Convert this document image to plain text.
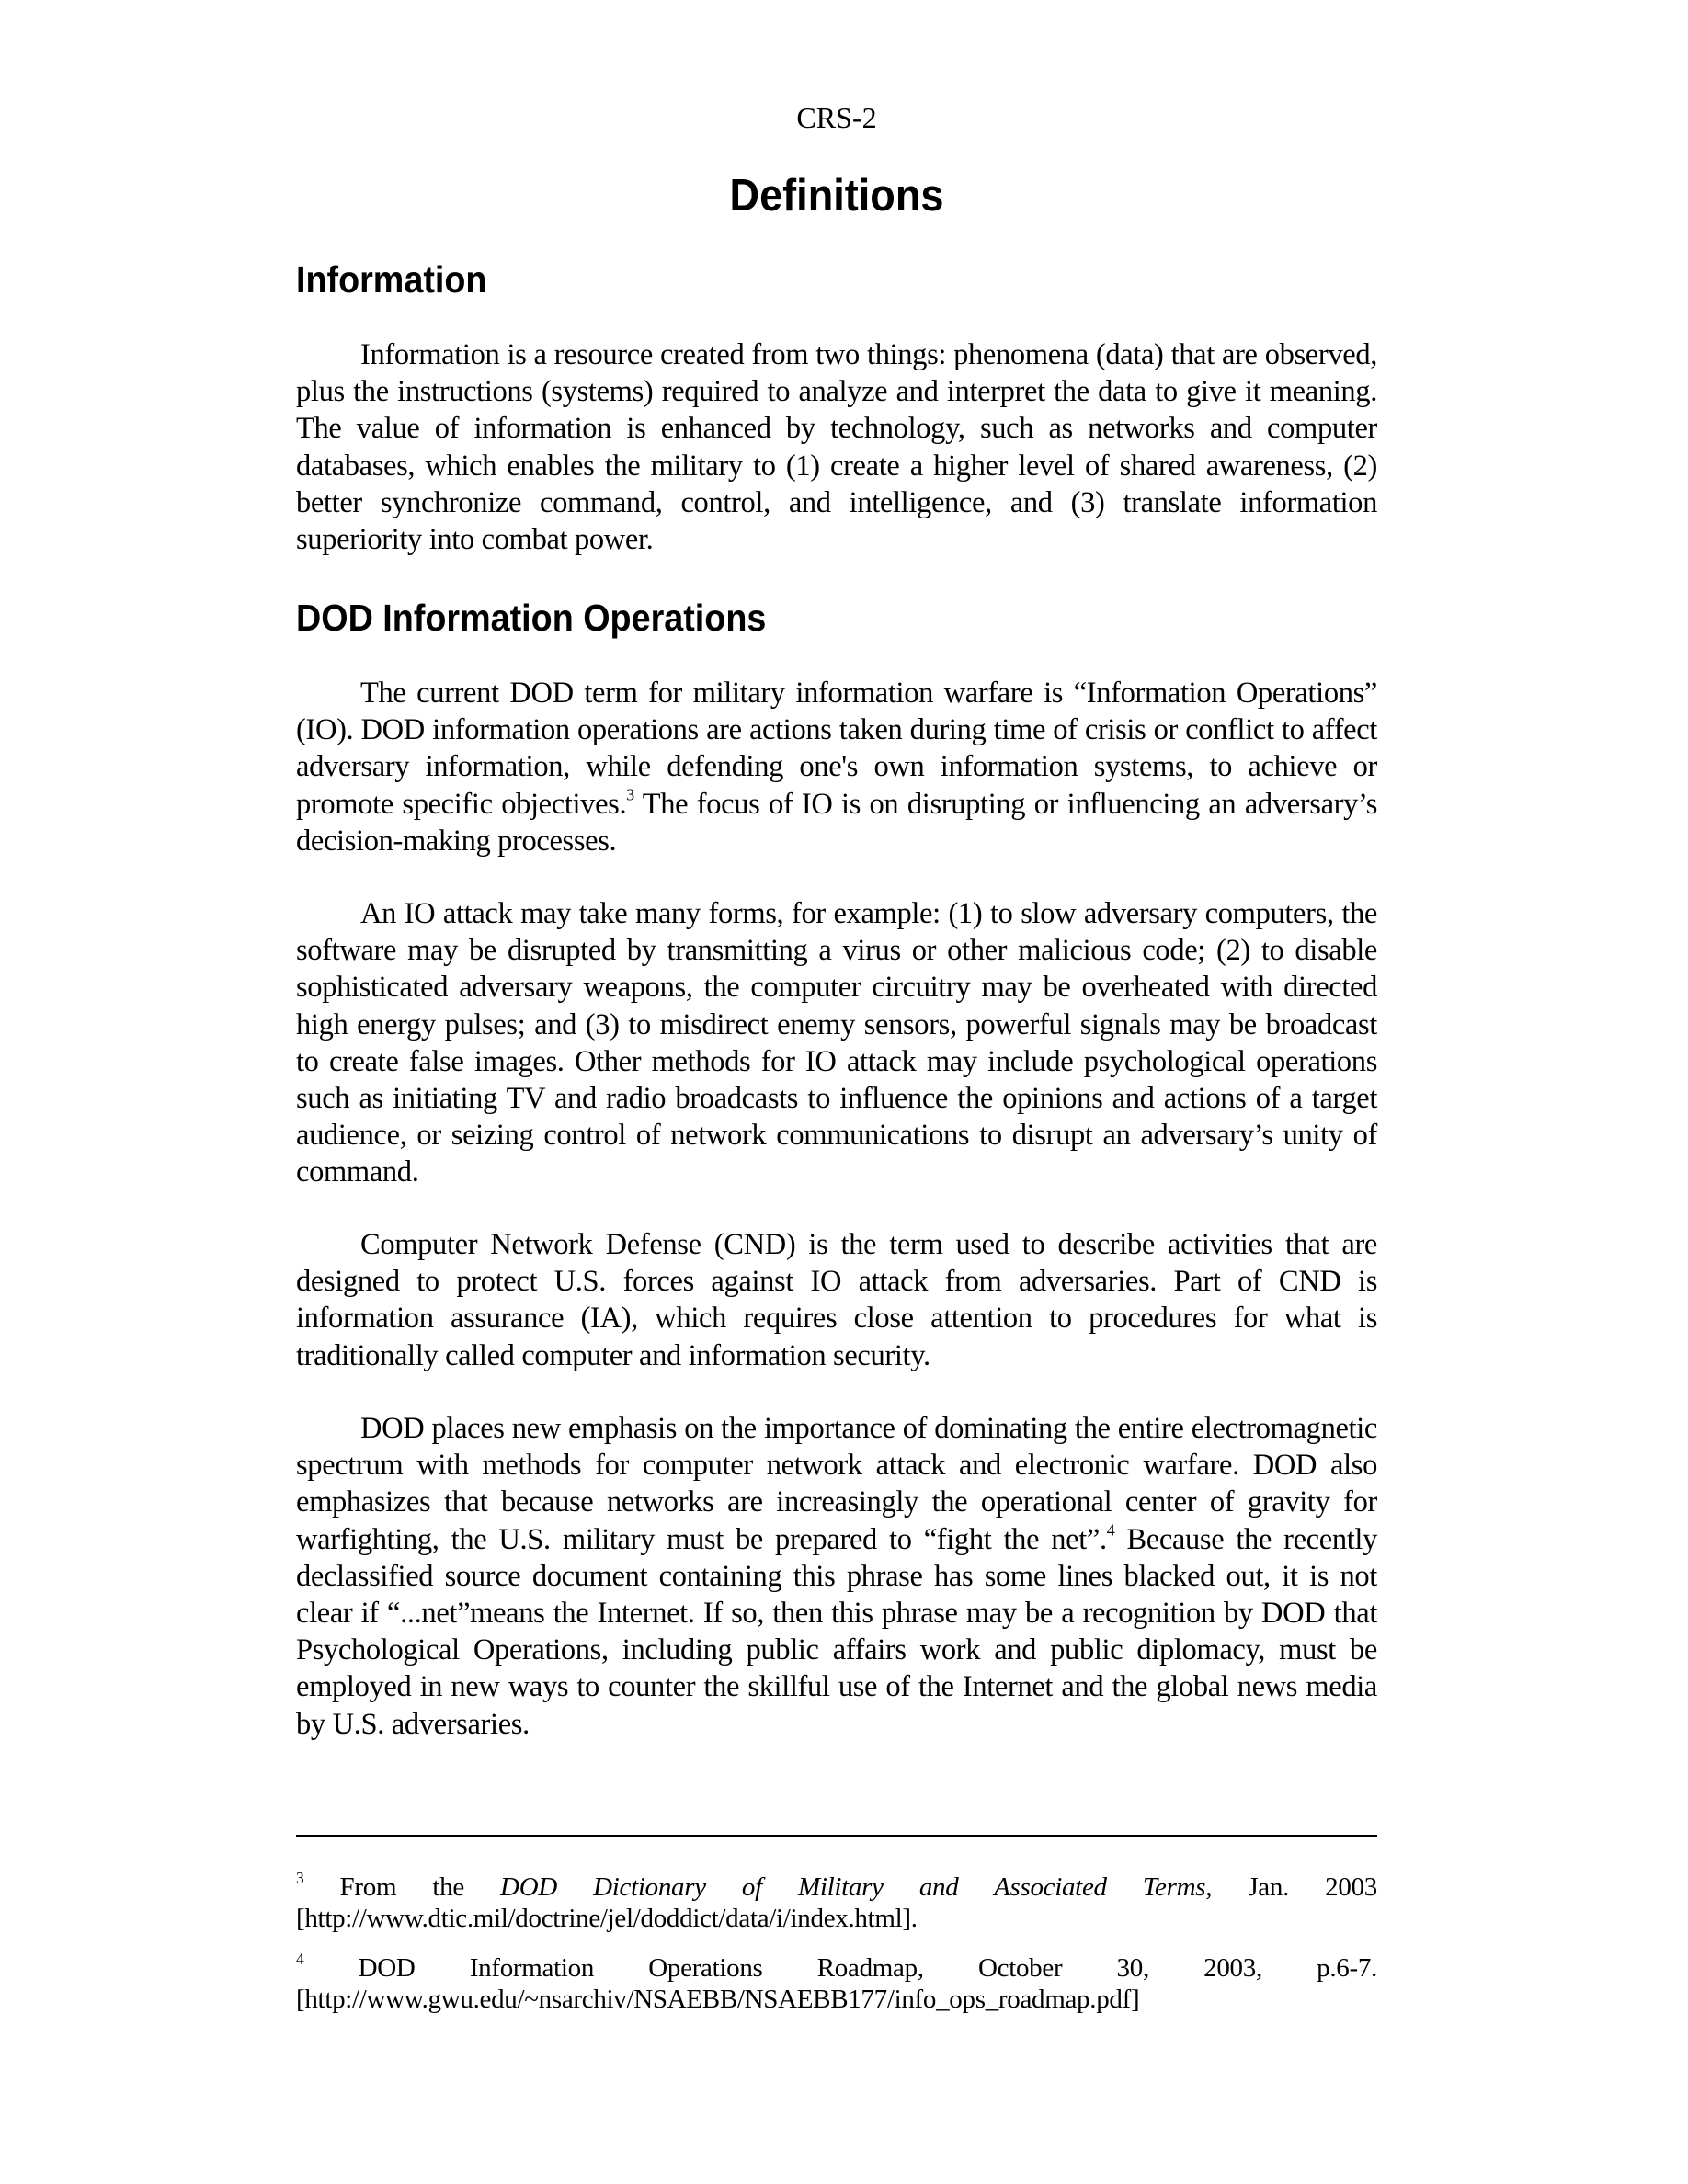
CRS-2
Definitions
Information

Information is a resource created from two things: phenomena (data) that are observed, plus the instructions (systems) required to analyze and interpret the data to give it meaning. The value of information is enhanced by technology, such as networks and computer databases, which enables the military to (1) create a higher level of shared awareness, (2) better synchronize command, control, and intelligence, and (3) translate information superiority into combat power.

DOD Information Operations

The current DOD term for military information warfare is “Information Operations” (IO). DOD information operations are actions taken during time of crisis or conflict to affect adversary information, while defending one's own information systems, to achieve or promote specific objectives.$^3$ The focus of IO is on disrupting or influencing an adversary’s decision-making processes.

An IO attack may take many forms, for example: (1) to slow adversary computers, the software may be disrupted by transmitting a virus or other malicious code; (2) to disable sophisticated adversary weapons, the computer circuitry may be overheated with directed high energy pulses; and (3) to misdirect enemy sensors, powerful signals may be broadcast to create false images. Other methods for IO attack may include psychological operations such as initiating TV and radio broadcasts to influence the opinions and actions of a target audience, or seizing control of network communications to disrupt an adversary’s unity of command.

Computer Network Defense (CND) is the term used to describe activities that are designed to protect U.S. forces against IO attack from adversaries. Part of CND is information assurance (IA), which requires close attention to procedures for what is traditionally called computer and information security.

DOD places new emphasis on the importance of dominating the entire electromagnetic spectrum with methods for computer network attack and electronic warfare. DOD also emphasizes that because networks are increasingly the operational center of gravity for warfighting, the U.S. military must be prepared to “fight the net”.$^4$ Because the recently declassified source document containing this phrase has some lines blacked out, it is not clear if “...net”means the Internet. If so, then this phrase may be a recognition by DOD that Psychological Operations, including public affairs work and public diplomacy, must be employed in new ways to counter the skillful use of the Internet and the global news media by U.S. adversaries.

$^3$ From the DOD Dictionary of Military and Associated Terms, Jan. 2003 [http://www.dtic.mil/doctrine/jel/doddict/data/i/index.html].

$^4$ DOD Information Operations Roadmap, October 30, 2003, p.6-7. [http://www.gwu.edu/~nsarchiv/NSAEBB/NSAEBB177/info_ops_roadmap.pdf]
